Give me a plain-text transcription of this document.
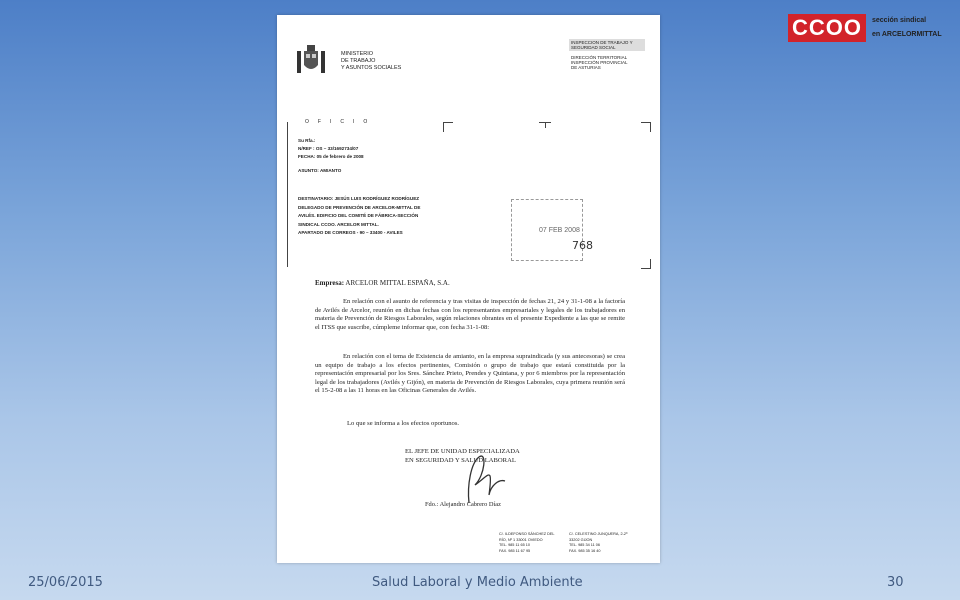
CCOO sección sindical
en ARCELORMITTAL
MINISTERIO
DE TRABAJO
Y ASUNTOS SOCIALES
INSPECCION DE TRABAJO Y
SEGURIDAD SOCIAL
DIRECCIÓN TERRITORIAL
INSPECCIÓN PROVINCIAL
DE ASTURIAS
OFICIO
Su Rfa.:
N/REF : OS – 33/1692734/07
FECHA: 05 de febrero de 2008
ASUNTO: AMIANTO
DESTINATARIO: JESÚS LUIS RODRÍGUEZ RODRÍGUEZ
DELEGADO DE PREVENCIÓN DE ARCELOR-MITTAL DE
AVILÉS. EDIFICIO DEL COMITÉ DE FÁBRICA-SECCIÓN
SINDICAL CCOO. ARCELOR MITTAL.
APARTADO DE CORREOS - 90 – 33400 - AVILES	07 FEB 2008
768
Empresa: ARCELOR MITTAL ESPAÑA, S.A.
En relación con el asunto de referencia y tras visitas de inspección de fechas 21, 24 y 31-1-08 a la factoría de Avilés de Arcelor, reunión en dichas fechas con los representantes empresariales y legales de los trabajadores en materia de Prevención de Riesgos Laborales, según relaciones obrantes en el presente Expediente a las que se remite el ITSS que suscribe, cúmpleme informar que, con fecha 31-1-08:
En relación con el tema de Existencia de amianto, en la empresa supraindicada (y sus antecesoras) se crea un equipo de trabajo a los efectos pertinentes, Comisión o grupo de trabajo que estará constituida por la representación empresarial por los Sres. Sánchez Prieto, Prendes y Quintana, y por 6 miembros por la representación legal de los trabajadores (Avilés y Gijón), en materia de Prevención de Riesgos Laborales, cuya primera reunión será el 15-2-08 a las 11 horas en las Oficinas Generales de Avilés.
Lo que se informa a los efectos oportunos.
EL JEFE DE UNIDAD ESPECIALIZADA
EN SEGURIDAD Y SALUD LABORAL
Fdo.: Alejandro Cabrero Díaz
C/. ILDEFONSO SÁNCHEZ DEL
RÍO, Nº 1 33001 OVIEDO
TEL. 985 11 65 10
FAX. 985 11 67 95
C/. CELESTINO JUNQUERA, 2-2º
33202 GIJON
TEL. 985 34 11 06
FAX. 985 35 16 40
25/06/2015	Salud Laboral y Medio Ambiente	30
